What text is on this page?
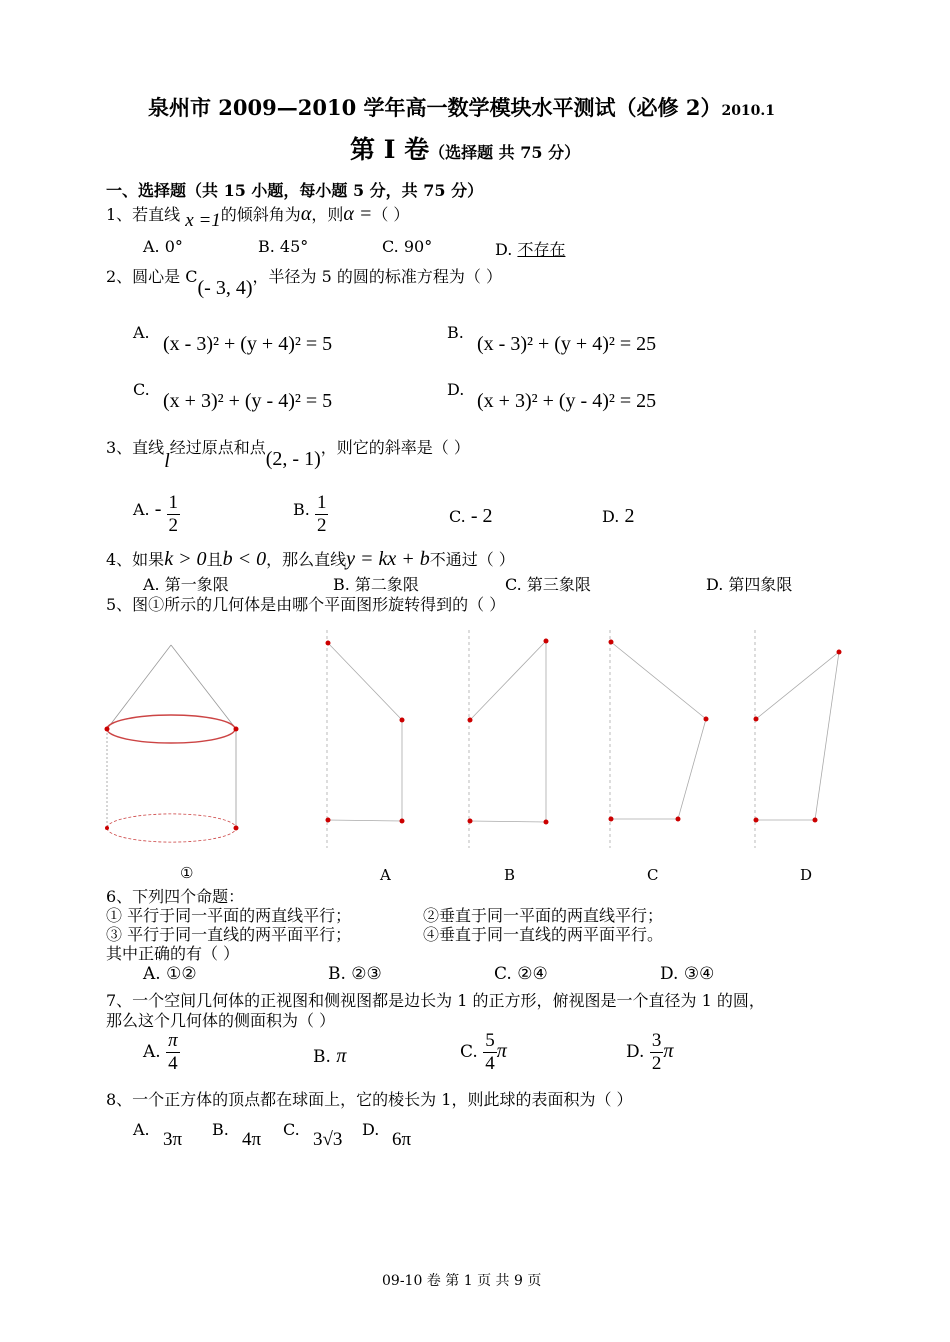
泉州市 2009—2010 学年高一数学模块水平测试（必修 2）2010.1
第 I 卷（选择题 共 75 分）
一、选择题（共 15 小题，每小题 5 分，共 75 分）
1、若直线 x =1的倾斜角为α，则α =（ ）
A. 0°	B. 45°	C. 90°	D. 不存在
2、圆心是 C(- 3, 4)，半径为 5 的圆的标准方程为（ ）
A.
(x - 3)² + (y + 4)² = 5
B.
(x - 3)² + (y + 4)² = 25
C.
(x + 3)² + (y - 4)² = 5
D.
(x + 3)² + (y - 4)² = 25
3、直线l经过原点和点(2, - 1)，则它的斜率是（ ）
A. - $\frac{1}{2}$	B. $\frac{1}{2}$	C. - 2	D. 2
4、如果k > 0且b < 0，那么直线y = kx + b不通过（ ）
A. 第一象限	B. 第二象限	C. 第三象限	D. 第四象限
5、图①所示的几何体是由哪个平面图形旋转得到的（ ）
①	A	B	C	D
6、下列四个命题：
① 平行于同一平面的两直线平行；	②垂直于同一平面的两直线平行；
③ 平行于同一直线的两平面平行；	④垂直于同一直线的两平面平行。
其中正确的有（ ）
A. ①②	B. ②③	C. ②④	D. ③④
7、一个空间几何体的正视图和侧视图都是边长为 1 的正方形，俯视图是一个直径为 1 的圆，
那么这个几何体的侧面积为（ ）
A. $\frac{\pi}{4}$	B. π	C. $\frac{5}{4}$ π	D. $\frac{3}{2}$ π
8、一个正方体的顶点都在球面上，它的棱长为 1，则此球的表面积为（ ）
A. 3π B. 4π C. 3√3 D. 6π
09-10 卷 第 1 页 共 9 页
